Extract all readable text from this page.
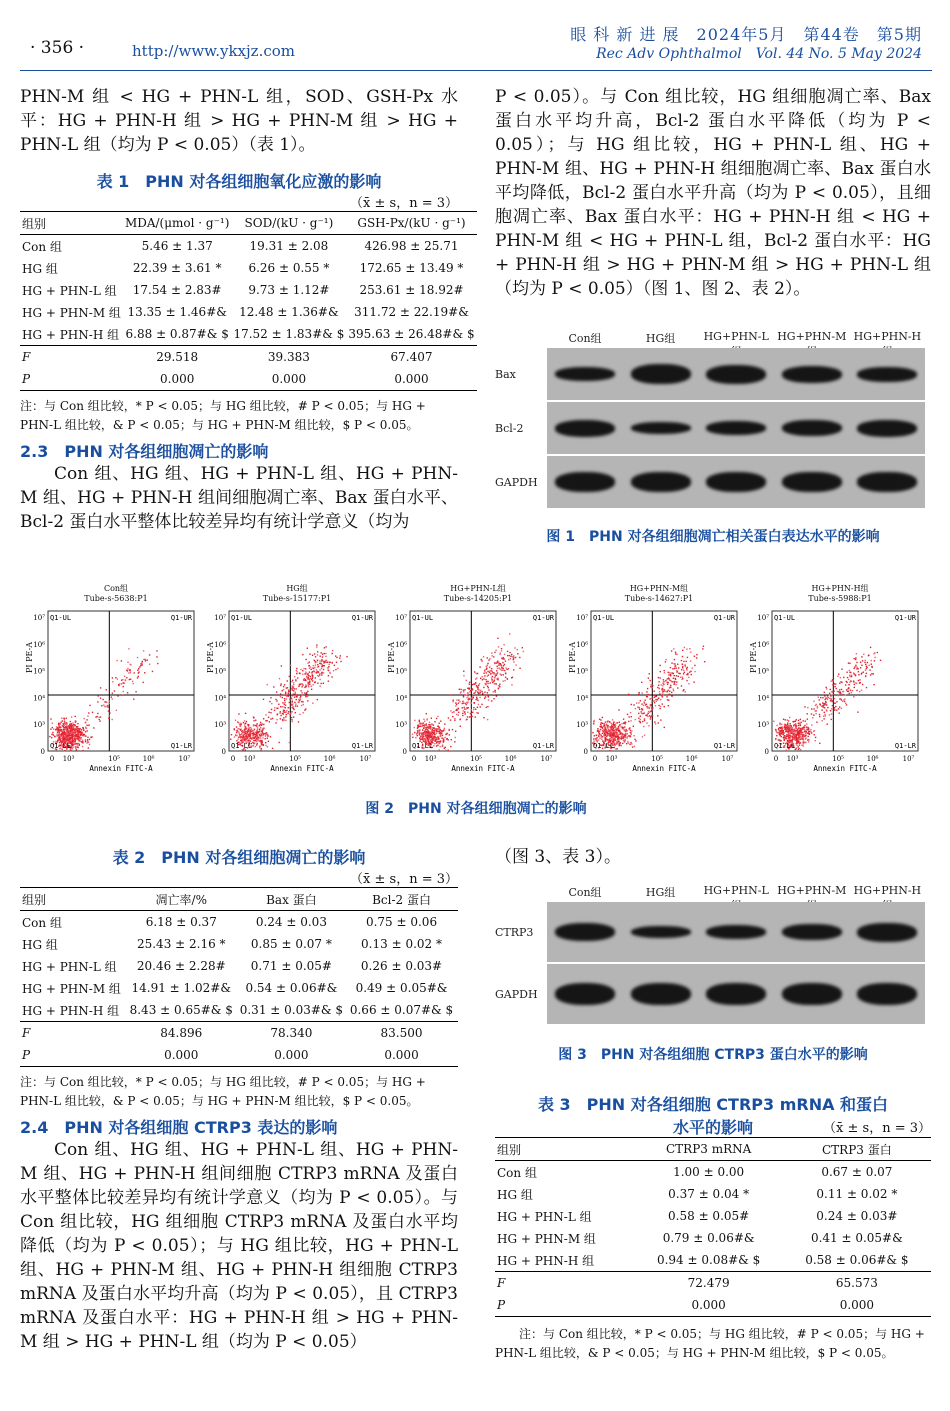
· 356 ·	http://www.ykxjz.com
眼 科 新 进 展　2024年5月　第44卷　第5期
Rec Adv Ophthalmol　Vol. 44 No. 5 May 2024

PHN-M 组 < HG + PHN-L 组，SOD、GSH-Px 水平：HG + PHN-H 组 > HG + PHN-M 组 > HG + PHN-L 组（均为 P < 0.05）（表 1）。

表 1　PHN 对各组细胞氧化应激的影响
（x̄ ± s，n = 3）
组别	MDA/(μmol · g⁻¹)	SOD/(kU · g⁻¹)	GSH-Px/(kU · g⁻¹)
Con 组	5.46 ± 1.37	19.31 ± 2.08	426.98 ± 25.71
HG 组	22.39 ± 3.61 *	6.26 ± 0.55 *	172.65 ± 13.49 *
HG + PHN-L 组	17.54 ± 2.83#	9.73 ± 1.12#	253.61 ± 18.92#
HG + PHN-M 组	13.35 ± 1.46#&	12.48 ± 1.36#&	311.72 ± 22.19#&
HG + PHN-H 组	6.88 ± 0.87#& $	17.52 ± 1.83#& $	395.63 ± 26.48#& $
F	29.518	39.383	67.407
P	0.000	0.000	0.000

注：与 Con 组比较，* P < 0.05；与 HG 组比较，# P < 0.05；与 HG + PHN-L 组比较，& P < 0.05；与 HG + PHN-M 组比较，$ P < 0.05。

2.3　PHN 对各组细胞凋亡的影响

Con 组、HG 组、HG + PHN-L 组、HG + PHN-M 组、HG + PHN-H 组间细胞凋亡率、Bax 蛋白水平、Bcl-2 蛋白水平整体比较差异均有统计学意义（均为

P < 0.05）。与 Con 组比较，HG 组细胞凋亡率、Bax 蛋白水平均升高，Bcl-2 蛋白水平降低（均为 P < 0.05）；与 HG 组比较，HG + PHN-L 组、HG + PHN-M 组、HG + PHN-H 组细胞凋亡率、Bax 蛋白水平均降低，Bcl-2 蛋白水平升高（均为 P < 0.05），且细胞凋亡率、Bax 蛋白水平：HG + PHN-H 组 < HG + PHN-M 组 < HG + PHN-L 组，Bcl-2 蛋白水平：HG + PHN-H 组 > HG + PHN-M 组 > HG + PHN-L 组（均为 P < 0.05）（图 1、图 2、表 2）。

Con组	HG组	HG+PHN-L HG+PHN-M HG+PHN-H
Bax
Bcl-2
GAPDH
图 1　PHN 对各组细胞凋亡相关蛋白表达水平的影响
Con组
Tube-s-5638:P1
PI PE-A
Q1-UL	Q1-UR
Q1-LL	Q1-LR
10⁷
10⁶
10⁵
10⁴
10³
0
0 10³	10⁵	10⁶	10⁷
Annexin FITC-A
HG组
Tube-s-15177:P1
PI PE-A
Q1-UL	Q1-UR
Q1-LL	Q1-LR
10⁷
10⁶
10⁵
10⁴
10³
0
0 10³	10⁵	10⁶	10⁷
Annexin FITC-A
HG+PHN-L组
Tube-s-14205:P1
PI PE-A
Q1-UL	Q1-UR
Q1-LL	Q1-LR
10⁷
10⁶
10⁵
10⁴
10³
0
0 10³	10⁵	10⁶	10⁷
Annexin FITC-A
HG+PHN-M组
Tube-s-14627:P1
PI PE-A
Q1-UL	Q1-UR
Q1-LL	Q1-LR
10⁷
10⁶
10⁵
10⁴
10³
0
0 10³	10⁵	10⁶	10⁷
Annexin FITC-A
HG+PHN-H组
Tube-s-5988:P1
PI PE-A
Q1-UL	Q1-UR
Q1-LL	Q1-LR
10⁷
10⁶
10⁵
10⁴
10³
0
0 10³	10⁵	10⁶	10⁷
Annexin FITC-A
图 2　PHN 对各组细胞凋亡的影响
表 2　PHN 对各组细胞凋亡的影响
（x̄ ± s，n = 3）
组别	凋亡率/%	Bax 蛋白	Bcl-2 蛋白
Con 组	6.18 ± 0.37	0.24 ± 0.03	0.75 ± 0.06
HG 组	25.43 ± 2.16 *	0.85 ± 0.07 *	0.13 ± 0.02 *
HG + PHN-L 组	20.46 ± 2.28#	0.71 ± 0.05#	0.26 ± 0.03#
HG + PHN-M 组	14.91 ± 1.02#&	0.54 ± 0.06#&	0.49 ± 0.05#&
HG + PHN-H 组	8.43 ± 0.65#& $	0.31 ± 0.03#& $	0.66 ± 0.07#& $
F	84.896	78.340	83.500
P	0.000	0.000	0.000

注：与 Con 组比较，* P < 0.05；与 HG 组比较，# P < 0.05；与 HG + PHN-L 组比较，& P < 0.05；与 HG + PHN-M 组比较，$ P < 0.05。

2.4　PHN 对各组细胞 CTRP3 表达的影响

Con 组、HG 组、HG + PHN-L 组、HG + PHN-M 组、HG + PHN-H 组间细胞 CTRP3 mRNA 及蛋白水平整体比较差异均有统计学意义（均为 P < 0.05）。与 Con 组比较，HG 组细胞 CTRP3 mRNA 及蛋白水平均降低（均为 P < 0.05）；与 HG 组比较，HG + PHN-L 组、HG + PHN-M 组、HG + PHN-H 组细胞 CTRP3 mRNA 及蛋白水平均升高（均为 P < 0.05），且 CTRP3 mRNA 及蛋白水平：HG + PHN-H 组 > HG + PHN-M 组 > HG + PHN-L 组（均为 P < 0.05）

（图 3、表 3）。

Con组	HG组	HG+PHN-L HG+PHN-M HG+PHN-H
CTRP3
GAPDH
图 3　PHN 对各组细胞 CTRP3 蛋白水平的影响
表 3　PHN 对各组细胞 CTRP3 mRNA 和蛋白
水平的影响	（x̄ ± s，n = 3）
组别	CTRP3 mRNA	CTRP3 蛋白
Con 组	1.00 ± 0.00	0.67 ± 0.07
HG 组	0.37 ± 0.04 *	0.11 ± 0.02 *
HG + PHN-L 组	0.58 ± 0.05#	0.24 ± 0.03#
HG + PHN-M 组	0.79 ± 0.06#&	0.41 ± 0.05#&
HG + PHN-H 组	0.94 ± 0.08#& $	0.58 ± 0.06#& $
F	72.479	65.573
P	0.000	0.000

注：与 Con 组比较，* P < 0.05；与 HG 组比较，# P < 0.05；与 HG + PHN-L 组比较，& P < 0.05；与 HG + PHN-M 组比较，$ P < 0.05。
